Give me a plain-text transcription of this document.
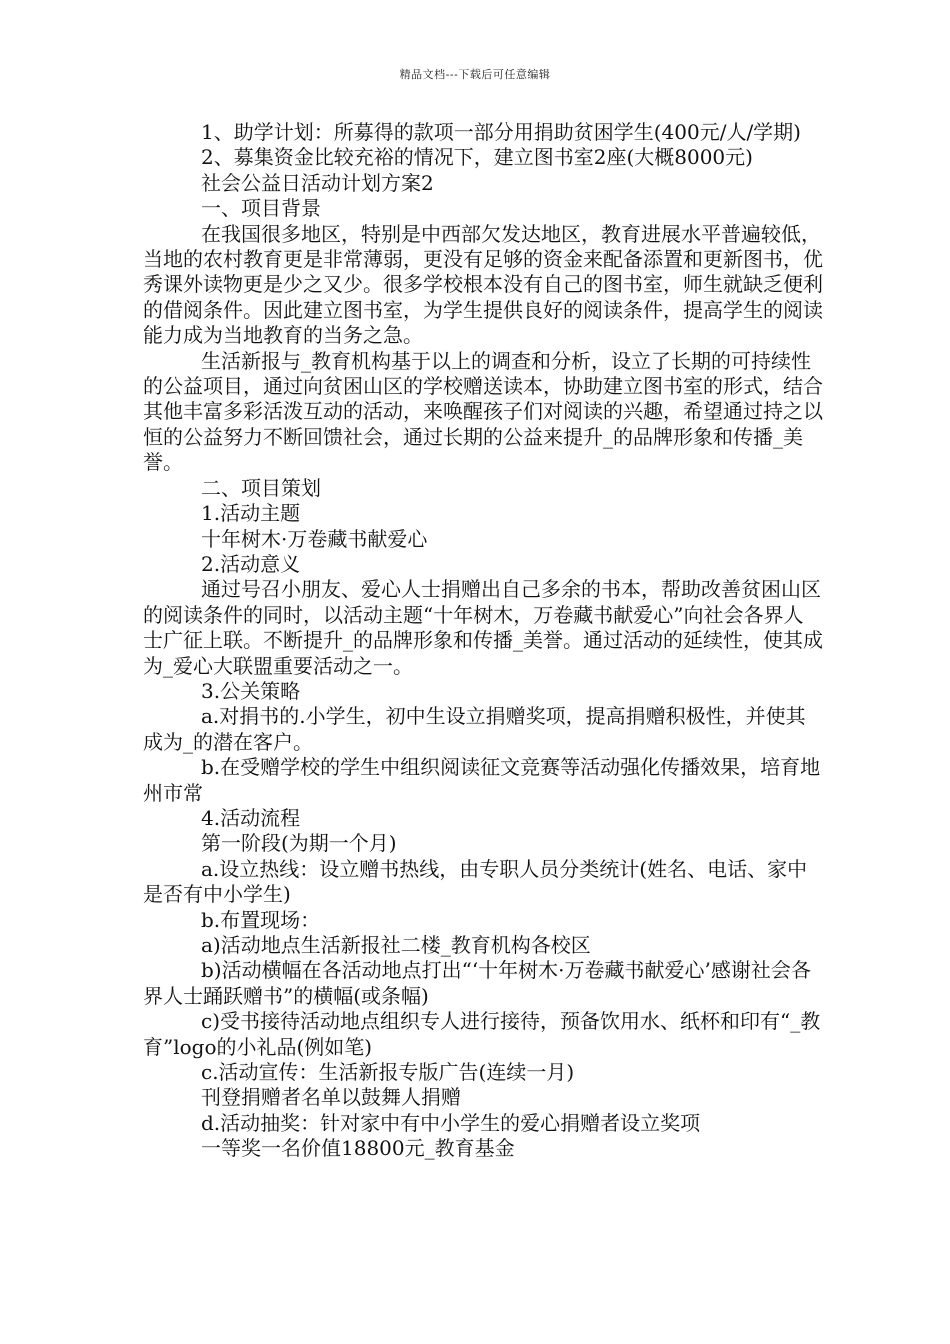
精品文档---下载后可任意编辑

1、助学计划：所募得的款项一部分用捐助贫困学生(400元/人/学期)

2、募集资金比较充裕的情况下，建立图书室2座(大概8000元)

社会公益日活动计划方案2

一、项目背景

在我国很多地区，特别是中西部欠发达地区，教育进展水平普遍较低，当地的农村教育更是非常薄弱，更没有足够的资金来配备添置和更新图书，优秀课外读物更是少之又少。很多学校根本没有自己的图书室，师生就缺乏便利的借阅条件。因此建立图书室，为学生提供良好的阅读条件，提高学生的阅读能力成为当地教育的当务之急。

生活新报与_教育机构基于以上的调查和分析，设立了长期的可持续性的公益项目，通过向贫困山区的学校赠送读本，协助建立图书室的形式，结合其他丰富多彩活泼互动的活动，来唤醒孩子们对阅读的兴趣，希望通过持之以恒的公益努力不断回馈社会，通过长期的公益来提升_的品牌形象和传播_美誉。

二、项目策划

1.活动主题

十年树木·万卷藏书献爱心

2.活动意义

通过号召小朋友、爱心人士捐赠出自己多余的书本，帮助改善贫困山区的阅读条件的同时，以活动主题“十年树木，万卷藏书献爱心”向社会各界人士广征上联。不断提升_的品牌形象和传播_美誉。通过活动的延续性，使其成为_爱心大联盟重要活动之一。

3.公关策略

a.对捐书的.小学生，初中生设立捐赠奖项，提高捐赠积极性，并使其成为_的潜在客户。

b.在受赠学校的学生中组织阅读征文竞赛等活动强化传播效果，培育地州市常

4.活动流程

第一阶段(为期一个月)

a.设立热线：设立赠书热线，由专职人员分类统计(姓名、电话、家中是否有中小学生)

b.布置现场：

a)活动地点生活新报社二楼_教育机构各校区

b)活动横幅在各活动地点打出“‘十年树木·万卷藏书献爱心’感谢社会各界人士踊跃赠书”的横幅(或条幅)

c)受书接待活动地点组织专人进行接待，预备饮用水、纸杯和印有“_教育”logo的小礼品(例如笔)

c.活动宣传：生活新报专版广告(连续一月)

刊登捐赠者名单以鼓舞人捐赠

d.活动抽奖：针对家中有中小学生的爱心捐赠者设立奖项

一等奖一名价值18800元_教育基金
